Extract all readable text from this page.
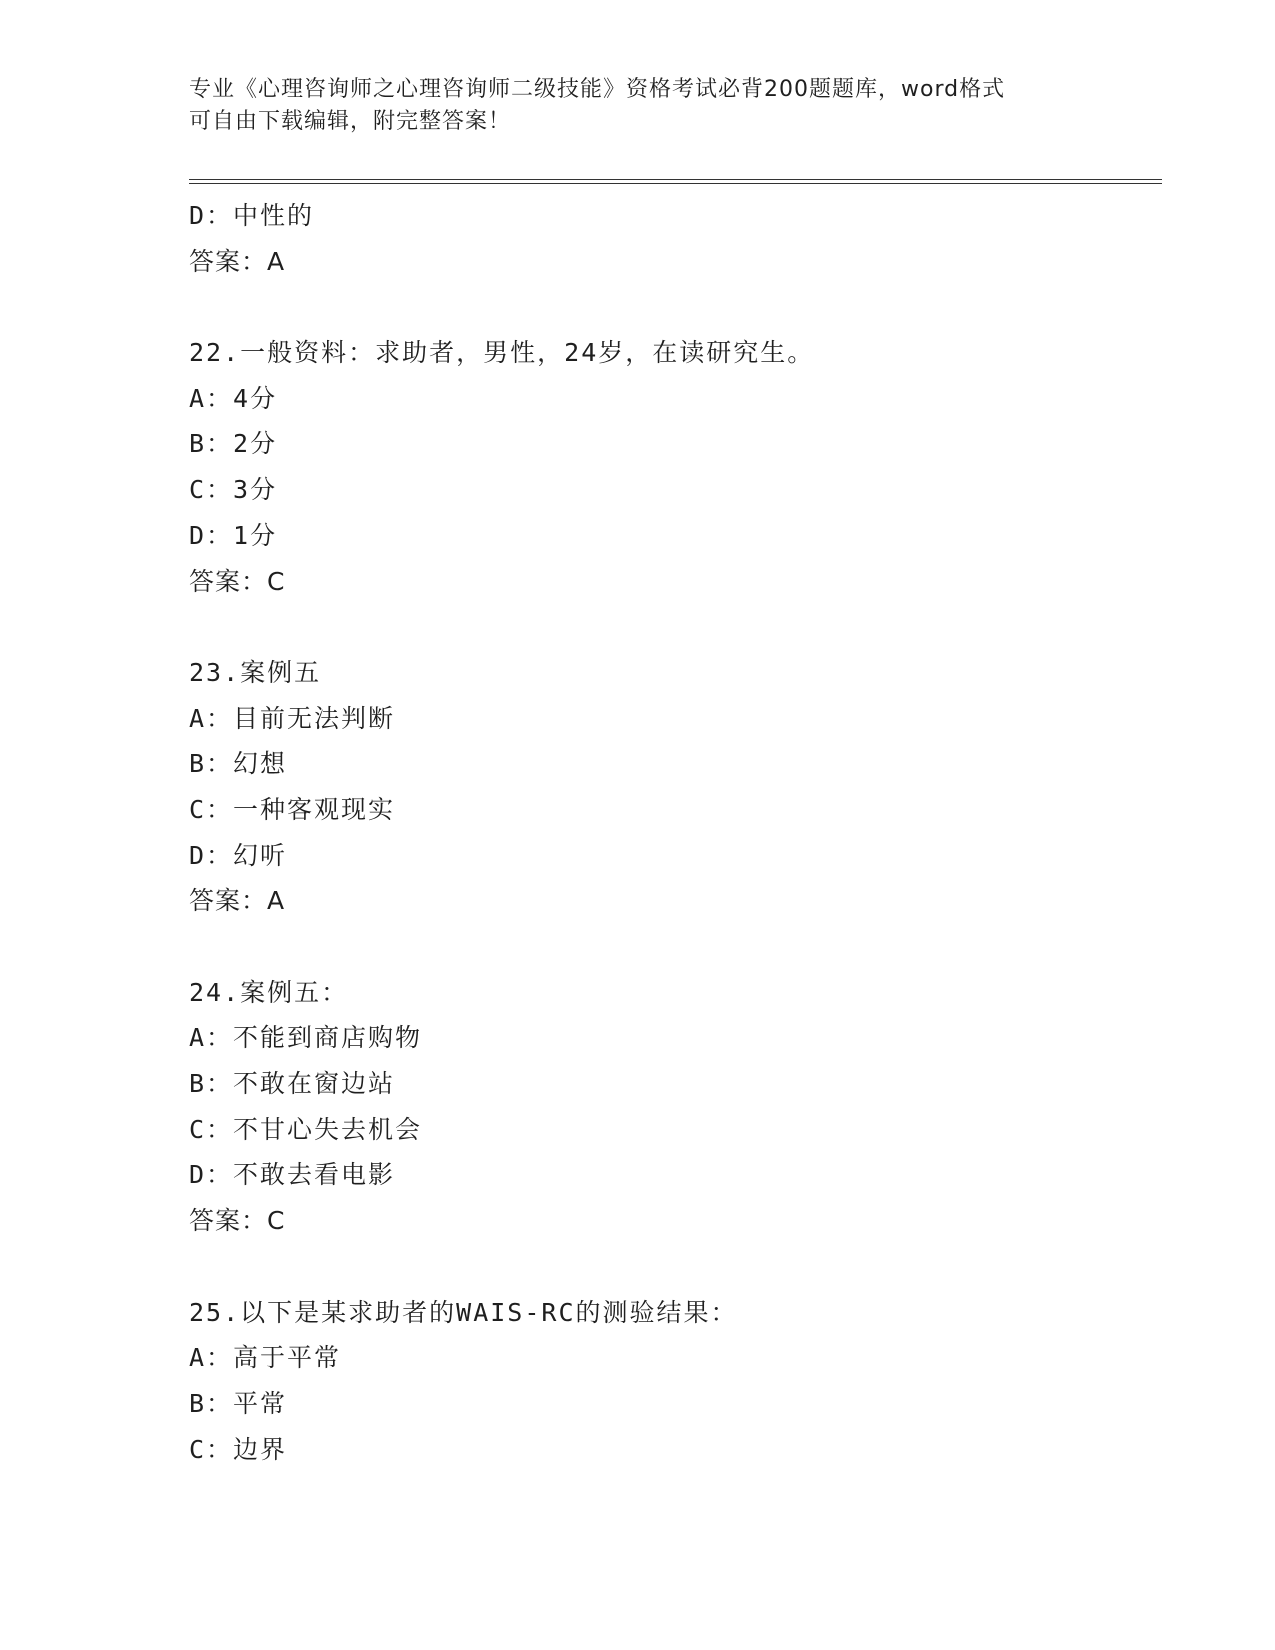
专业《心理咨询师之心理咨询师二级技能》资格考试必背200题题库，word格式
可自由下载编辑，附完整答案！
D：中性的
答案：A
22.一般资料：求助者，男性，24岁，在读研究生。
A：4分
B：2分
C：3分
D：1分
答案：C
23.案例五
A：目前无法判断
B：幻想
C：一种客观现实
D：幻听
答案：A
24.案例五：
A：不能到商店购物
B：不敢在窗边站
C：不甘心失去机会
D：不敢去看电影
答案：C
25.以下是某求助者的WAIS-RC的测验结果：
A：高于平常
B：平常
C：边界
